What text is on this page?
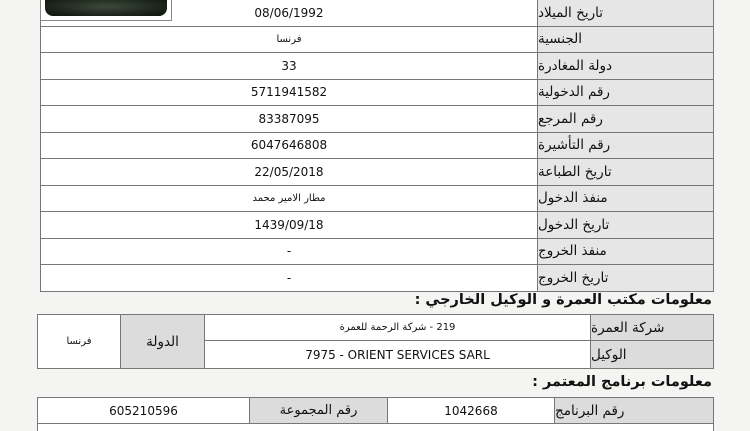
08/06/1992	تاريخ الميلاد
فرنسا	الجنسية
33	دولة المغادرة
5711941582	رقم الدخولية
83387095	رقم المرجع
6047646808	رقم التأشيرة
22/05/2018	تاريخ الطباعة
مطار الامير محمد	منفذ الدخول
1439/09/18	تاريخ الدخول
-	منفذ الخروج
-	تاريخ الخروج
معلومات مكتب العمرة و الوكيل الخارجي :
فرنسا	الدولة
219 - شركة الرحمة للعمرة	شركة العمرة
7975 - ORIENT SERVICES SARL	الوكيل
معلومات برنامج المعتمر :
605210596	رقم المجموعة	1042668	رقم البرنامج
